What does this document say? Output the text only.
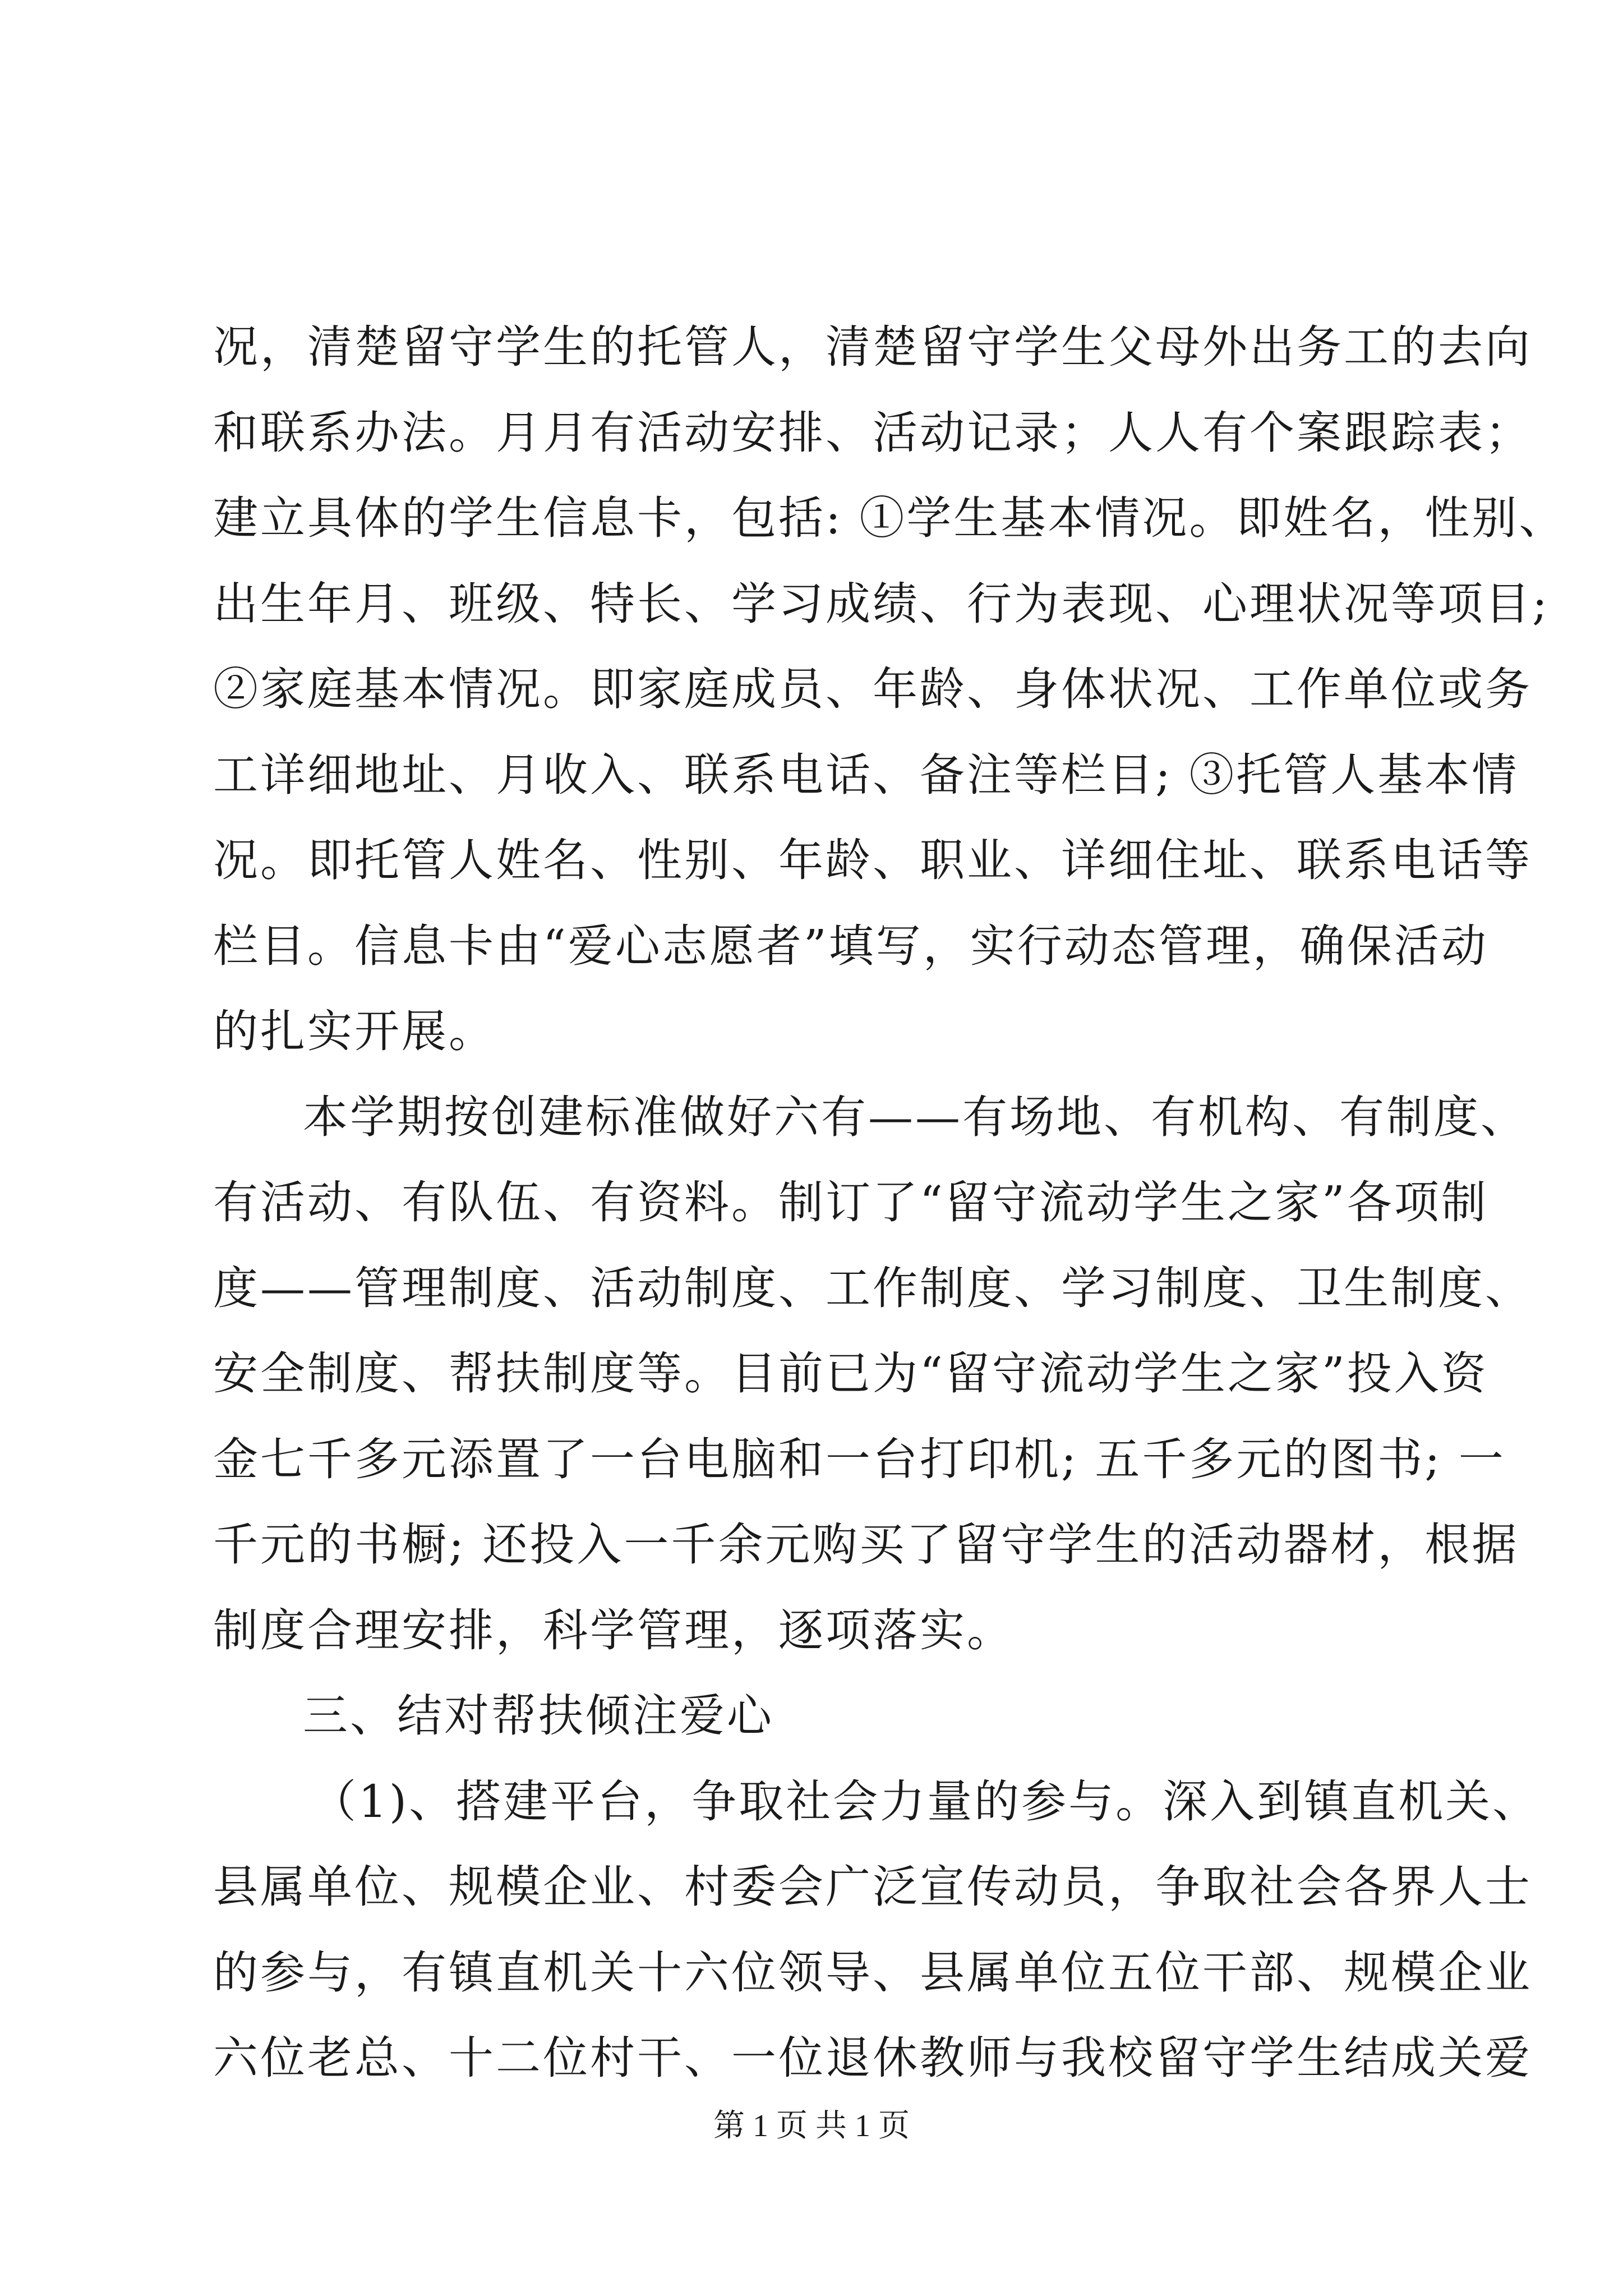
况，清楚留守学生的托管人，清楚留守学生父母外出务工的去向
和联系办法。月月有活动安排、活动记录；人人有个案跟踪表；
建立具体的学生信息卡，包括: ①学生基本情况。即姓名，性别、
出生年月、班级、特长、学习成绩、行为表现、心理状况等项目;
②家庭基本情况。即家庭成员、年龄、身体状况、工作单位或务
工详细地址、月收入、联系电话、备注等栏目; ③托管人基本情
况。即托管人姓名、性别、年龄、职业、详细住址、联系电话等
栏目。信息卡由“爱心志愿者”填写，实行动态管理，确保活动
的扎实开展。
本学期按创建标准做好六有——有场地、有机构、有制度、
有活动、有队伍、有资料。制订了“留守流动学生之家”各项制
度——管理制度、活动制度、工作制度、学习制度、卫生制度、
安全制度、帮扶制度等。目前已为“留守流动学生之家”投入资
金七千多元添置了一台电脑和一台打印机; 五千多元的图书; 一
千元的书橱; 还投入一千余元购买了留守学生的活动器材，根据
制度合理安排，科学管理，逐项落实。
三、结对帮扶倾注爱心
（1)、搭建平台，争取社会力量的参与。深入到镇直机关、
县属单位、规模企业、村委会广泛宣传动员，争取社会各界人士
的参与，有镇直机关十六位领导、县属单位五位干部、规模企业
六位老总、十二位村干、一位退休教师与我校留守学生结成关爱
第 1 页 共 1 页
